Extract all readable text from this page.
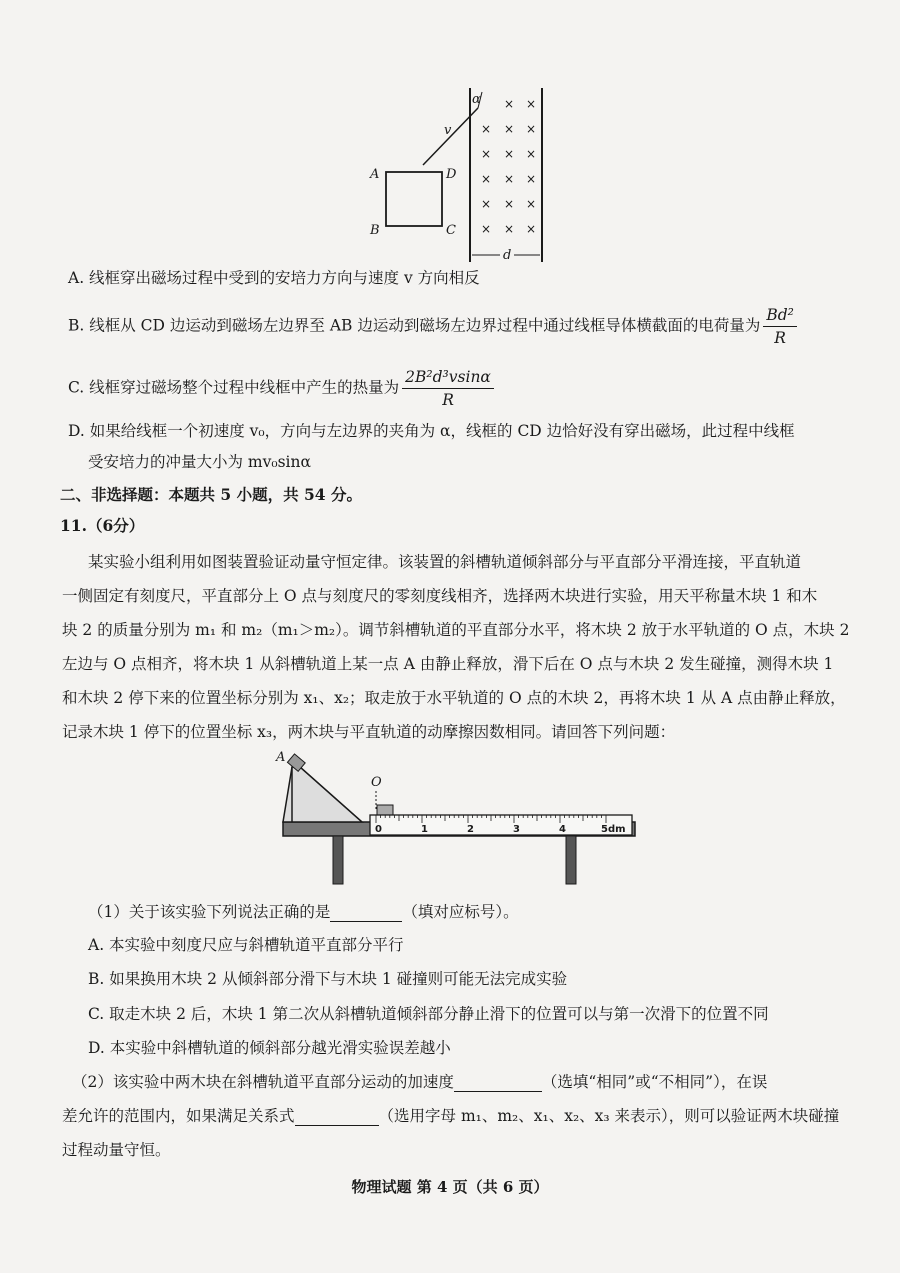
× ×
× × ×
× × ×
× × ×
× × ×
× × ×
α
v
A	D
B	C
d
A. 线框穿出磁场过程中受到的安培力方向与速度 v 方向相反
B. 线框从 CD 边运动到磁场左边界至 AB 边运动到磁场左边界过程中通过线框导体横截面的电荷量为 $\frac{\text{Bd²}}{R}$
C. 线框穿过磁场整个过程中线框中产生的热量为 $\frac{\text{2B²d³vsinα}}{R}$
D. 如果给线框一个初速度 v₀，方向与左边界的夹角为 α，线框的 CD 边恰好没有穿出磁场，此过程中线框
受安培力的冲量大小为 mv₀sinα
二、非选择题：本题共 5 小题，共 54 分。
11.（6分）
某实验小组利用如图装置验证动量守恒定律。该装置的斜槽轨道倾斜部分与平直部分平滑连接，平直轨道
一侧固定有刻度尺，平直部分上 O 点与刻度尺的零刻度线相齐，选择两木块进行实验，用天平称量木块 1 和木
块 2 的质量分别为 m₁ 和 m₂（m₁＞m₂）。调节斜槽轨道的平直部分水平，将木块 2 放于水平轨道的 O 点，木块 2
左边与 O 点相齐，将木块 1 从斜槽轨道上某一点 A 由静止释放，滑下后在 O 点与木块 2 发生碰撞，测得木块 1
和木块 2 停下来的位置坐标分别为 x₁、x₂；取走放于水平轨道的 O 点的木块 2，再将木块 1 从 A 点由静止释放，
记录木块 1 停下的位置坐标 x₃，两木块与平直轨道的动摩擦因数相同。请回答下列问题：
A
O
0	1	2	3	4	5dm
（1）关于该实验下列说法正确的是	（填对应标号）。
A. 本实验中刻度尺应与斜槽轨道平直部分平行
B. 如果换用木块 2 从倾斜部分滑下与木块 1 碰撞则可能无法完成实验
C. 取走木块 2 后，木块 1 第二次从斜槽轨道倾斜部分静止滑下的位置可以与第一次滑下的位置不同
D. 本实验中斜槽轨道的倾斜部分越光滑实验误差越小
（2）该实验中两木块在斜槽轨道平直部分运动的加速度	（选填“相同”或“不相同”），在误
差允许的范围内，如果满足关系式	（选用字母 m₁、m₂、x₁、x₂、x₃ 来表示），则可以验证两木块碰撞
过程动量守恒。
物理试题 第 4 页（共 6 页）
